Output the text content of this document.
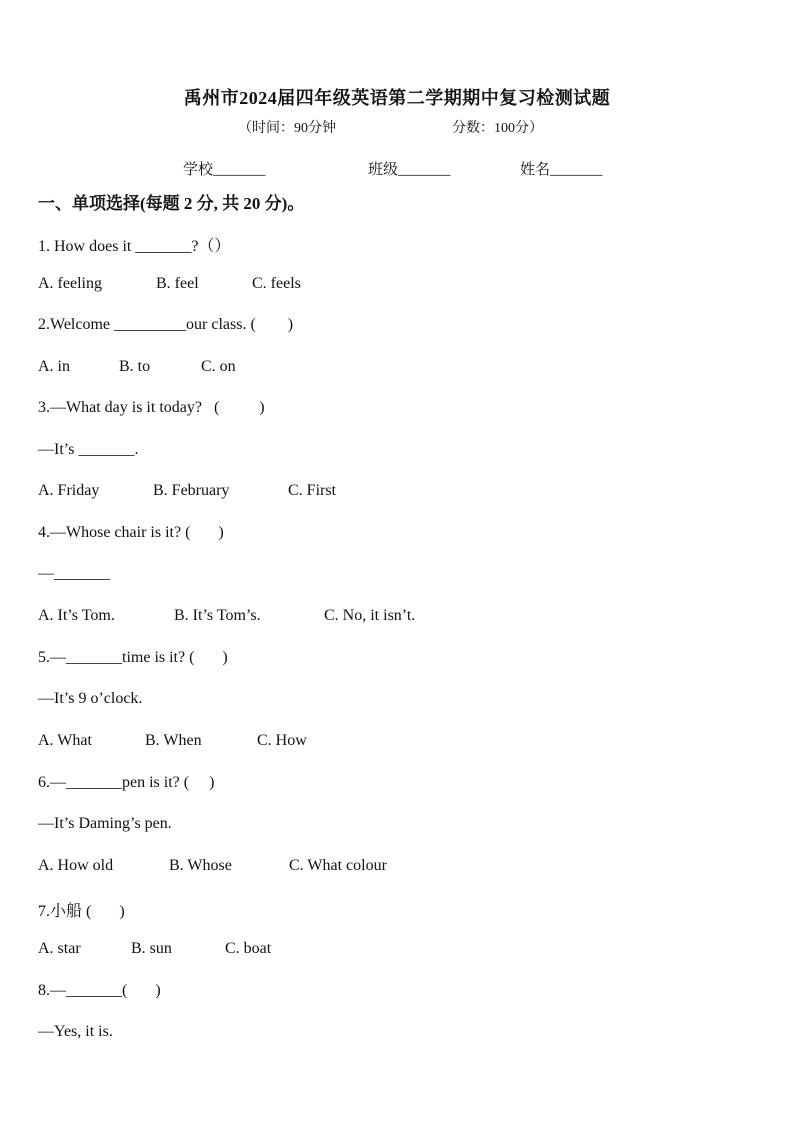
禹州市2024届四年级英语第二学期期中复习检测试题
（时间：90分钟	分数：100分）
学校_______	班级_______	姓名_______
一、单项选择(每题 2 分, 共 20 分)。
1. How does it _______?（）
A. feeling	B. feel	C. feels
2.Welcome _________our class. (        )
A. in	B. to	C. on
3.—What day is it today?   (          )
—It’s _______.
A. Friday	B. February	C. First
4.—Whose chair is it? (       )
—_______
A. It’s Tom.	B. It’s Tom’s.	C. No, it isn’t.
5.—_______time is it? (       )
—It’s 9 o’clock.
A. What	B. When	C. How
6.—_______pen is it? (     )
—It’s Daming’s pen.
A. How old	B. Whose	C. What colour
7.小船 (       )
A. star	B. sun	C. boat
8.—_______(       )
—Yes, it is.
